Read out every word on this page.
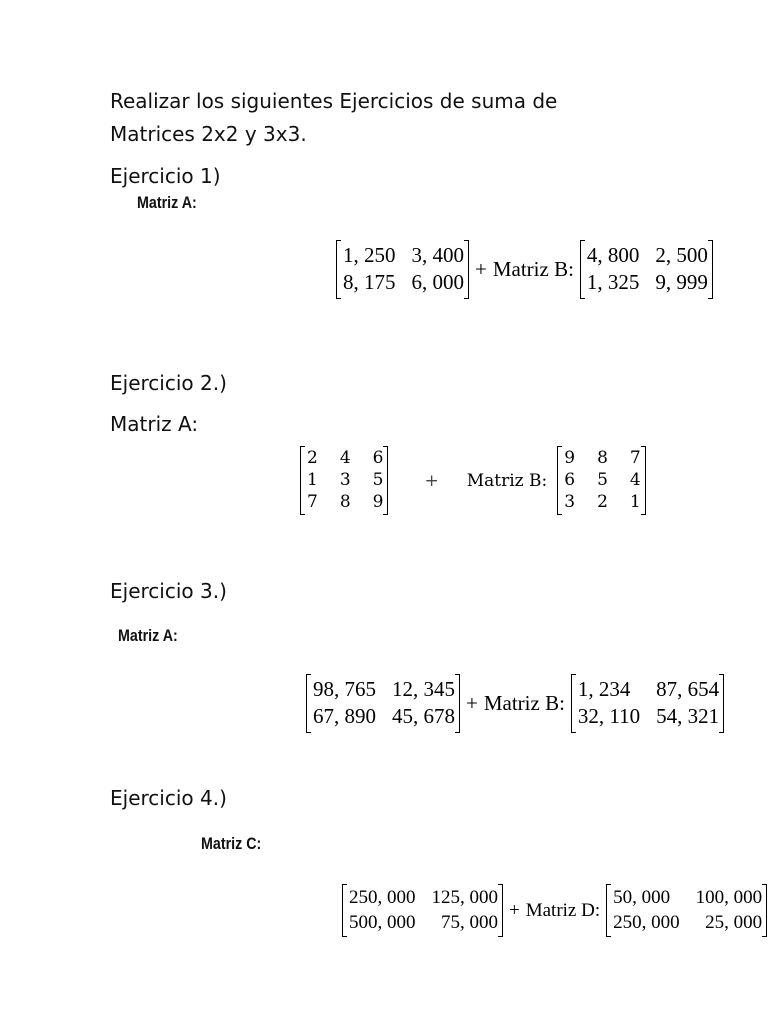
Realizar los siguientes Ejercicios de suma de

Matrices 2x2 y 3x3.

Ejercicio 1)

Matriz A:

1, 250	3, 400
8, 175	6, 000
+ Matriz B:
4, 800	2, 500
1, 325	9, 999

Ejercicio 2.)

Matriz A:

2	4	6
1	3	5
7	8	9
+ Matriz B:
9	8	7
6	5	4
3	2	1

Ejercicio 3.)

Matriz A:

98, 765	12, 345
67, 890	45, 678
+ Matriz B:
1, 234	87, 654
32, 110	54, 321

Ejercicio 4.)

Matriz C:

250, 000	125, 000
500, 000	75, 000
+ Matriz D:
50, 000	100, 000
250, 000	25, 000
